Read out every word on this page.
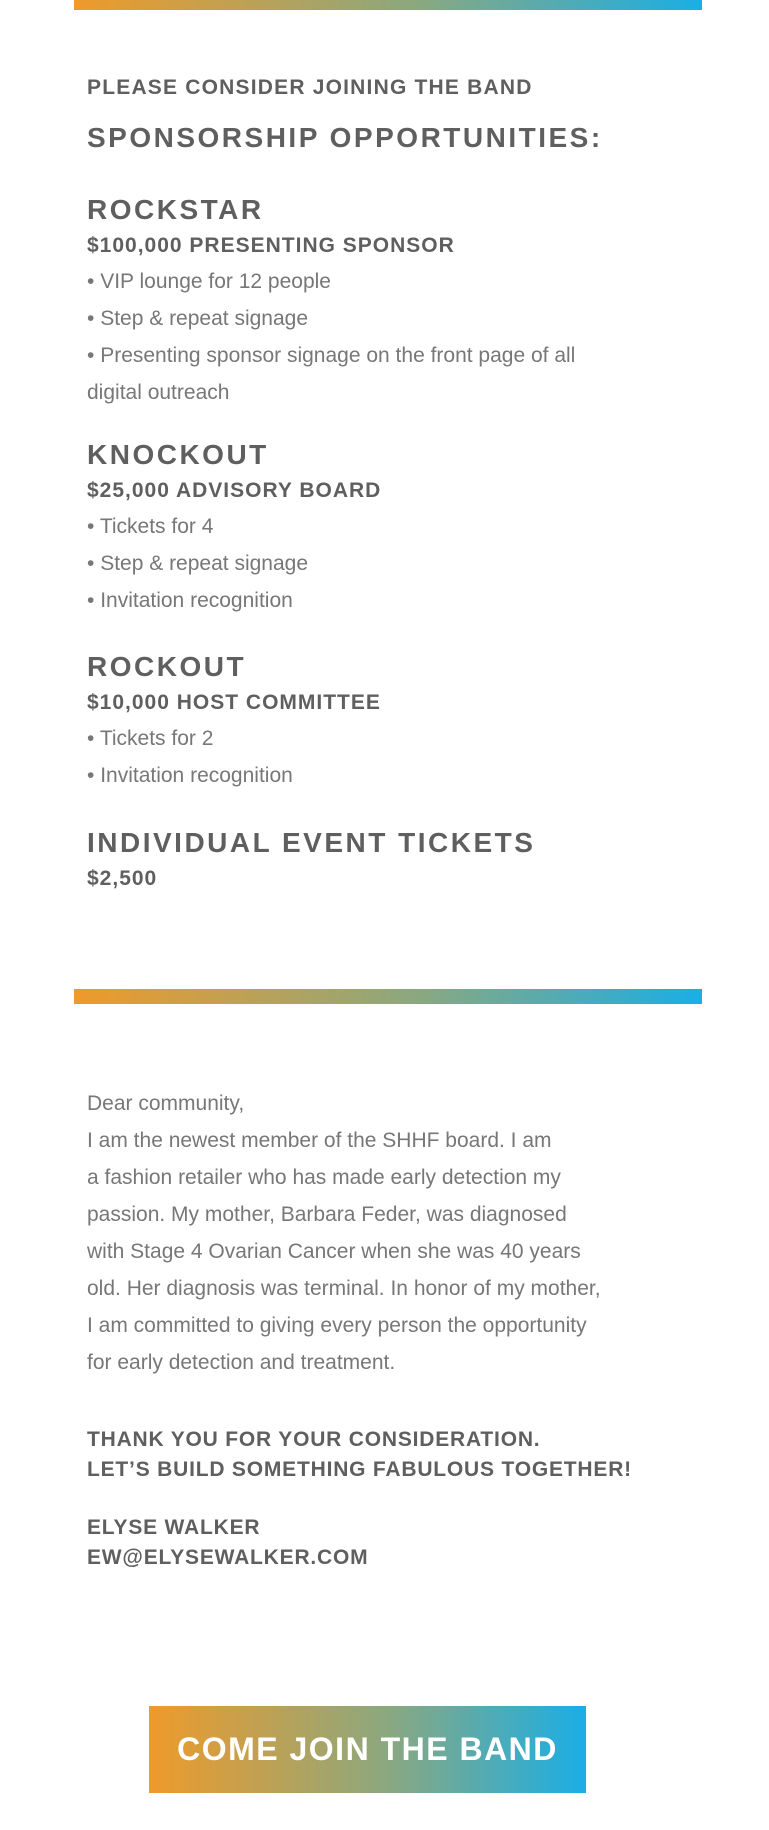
PLEASE CONSIDER JOINING THE BAND
SPONSORSHIP OPPORTUNITIES:
ROCKSTAR
$100,000 PRESENTING SPONSOR
• VIP lounge for 12 people
• Step & repeat signage
• Presenting sponsor signage on the front page of all
digital outreach
KNOCKOUT
$25,000 ADVISORY BOARD
• Tickets for 4
• Step & repeat signage
• Invitation recognition
ROCKOUT
$10,000 HOST COMMITTEE
• Tickets for 2
• Invitation recognition
INDIVIDUAL EVENT TICKETS
$2,500

Dear community,

I am the newest member of the SHHF board. I am

a fashion retailer who has made early detection my

passion. My mother, Barbara Feder, was diagnosed

with Stage 4 Ovarian Cancer when she was 40 years

old. Her diagnosis was terminal. In honor of my mother,

I am committed to giving every person the opportunity

for early detection and treatment.

THANK YOU FOR YOUR CONSIDERATION.
LET’S BUILD SOMETHING FABULOUS TOGETHER!
ELYSE WALKER
EW@ELYSEWALKER.COM
COME JOIN THE BAND
